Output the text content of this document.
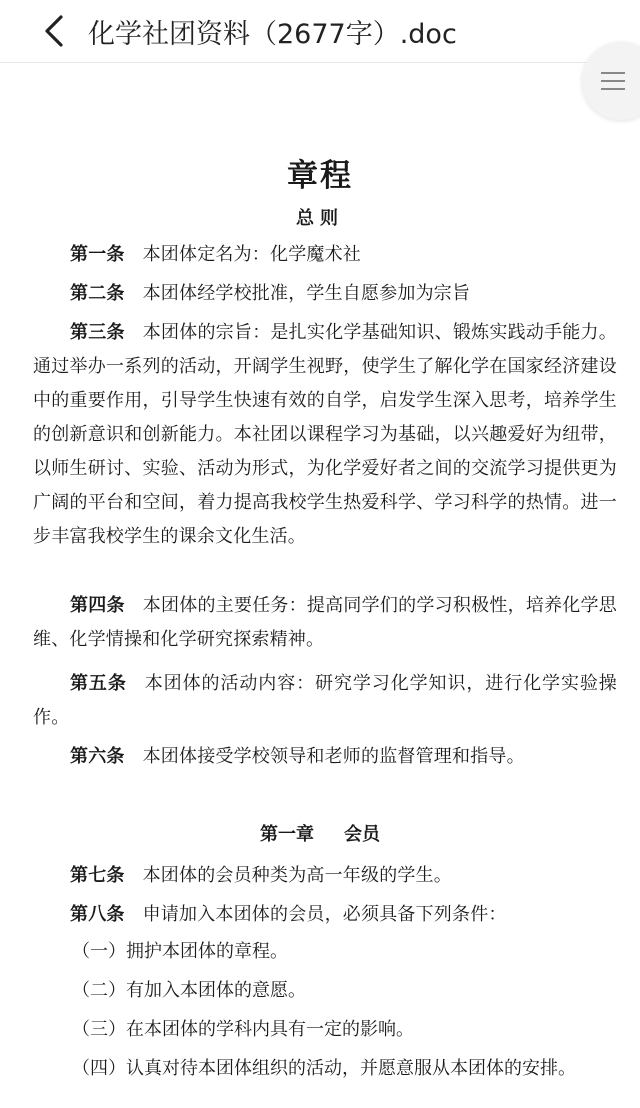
化学社团资料（2677字）.doc
章程
总则
第一条 本团体定名为：化学魔术社
第二条 本团体经学校批准，学生自愿参加为宗旨
第三条 本团体的宗旨：是扎实化学基础知识、锻炼实践动手能力。通过举办一系列的活动，开阔学生视野，使学生了解化学在国家经济建设中的重要作用，引导学生快速有效的自学，启发学生深入思考，培养学生的创新意识和创新能力。本社团以课程学习为基础，以兴趣爱好为纽带，以师生研讨、实验、活动为形式，为化学爱好者之间的交流学习提供更为广阔的平台和空间，着力提高我校学生热爱科学、学习科学的热情。进一步丰富我校学生的课余文化生活。
第四条 本团体的主要任务：提高同学们的学习积极性，培养化学思维、化学情操和化学研究探索精神。
第五条 本团体的活动内容：研究学习化学知识，进行化学实验操作。
第六条 本团体接受学校领导和老师的监督管理和指导。
第一章 会员
第七条 本团体的会员种类为高一年级的学生。
第八条 申请加入本团体的会员，必须具备下列条件：
（一）拥护本团体的章程。
（二）有加入本团体的意愿。
（三）在本团体的学科内具有一定的影响。
（四）认真对待本团体组织的活动，并愿意服从本团体的安排。
